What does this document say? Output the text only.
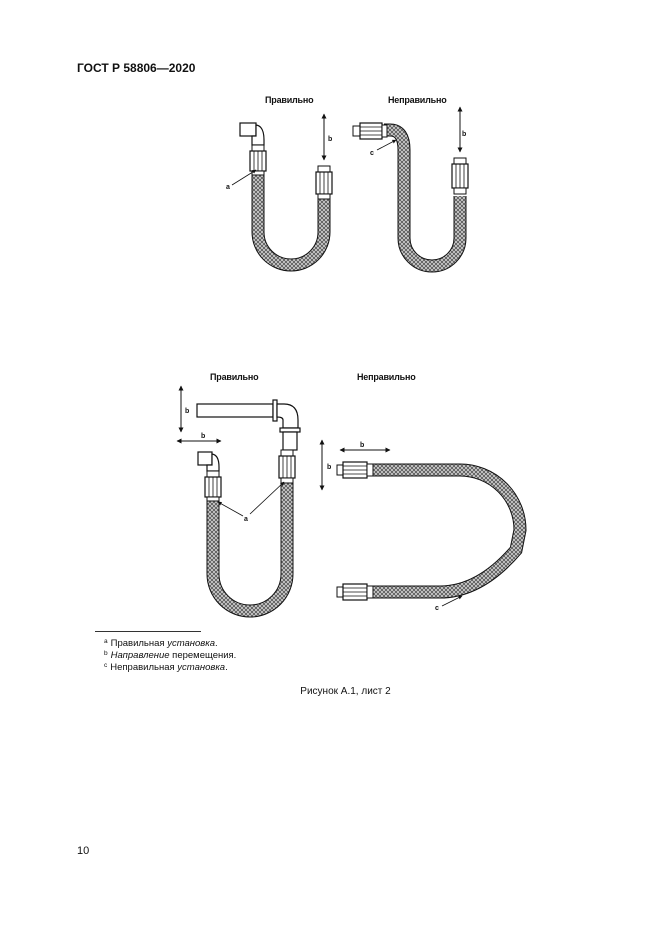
ГОСТ Р 58806—2020
Правильно	Неправильно
Правильно	Неправильно
b
a
b
c
b
b
b
a
b
c
$^a$ Правильная установка.
$^b$ Направление перемещения.
$^c$ Неправильная установка.
Рисунок А.1, лист 2
10
